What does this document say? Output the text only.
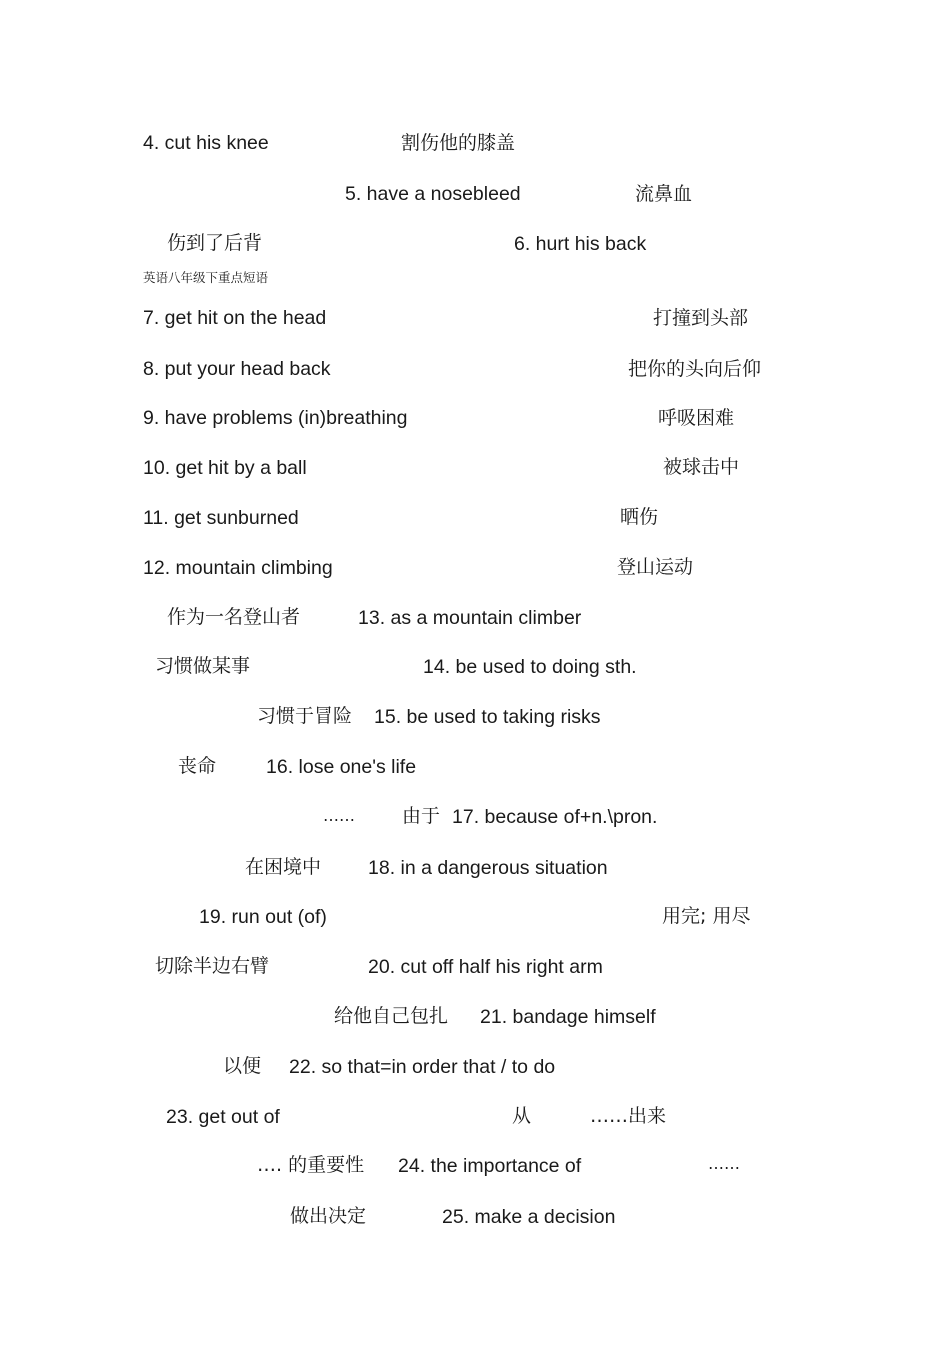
4. cut his knee	割伤他的膝盖
5. have a nosebleed	流鼻血
伤到了后背	6. hurt his back
英语八年级下重点短语
7. get hit on the head	打撞到头部
8. put your head back	把你的头向后仰
9. have problems (in)breathing	呼吸困难
10. get hit by a ball	被球击中
11. get sunburned	晒伤
12. mountain climbing	登山运动
作为一名登山者	13. as a mountain climber
习惯做某事	14. be used to doing sth.
习惯于冒险 15. be used to taking risks
丧命	16. lose one's life
…… 由于 17. because of+n.\pron.
在困境中 18. in a dangerous situation
19. run out (of)	用完; 用尽
切除半边右臂	20. cut off half his right arm
给他自己包扎 21. bandage himself
以便 22. so that=in order that / to do
23. get out of	从	……出来
…. 的重要性 24. the importance of	……
做出决定	25. make a decision
